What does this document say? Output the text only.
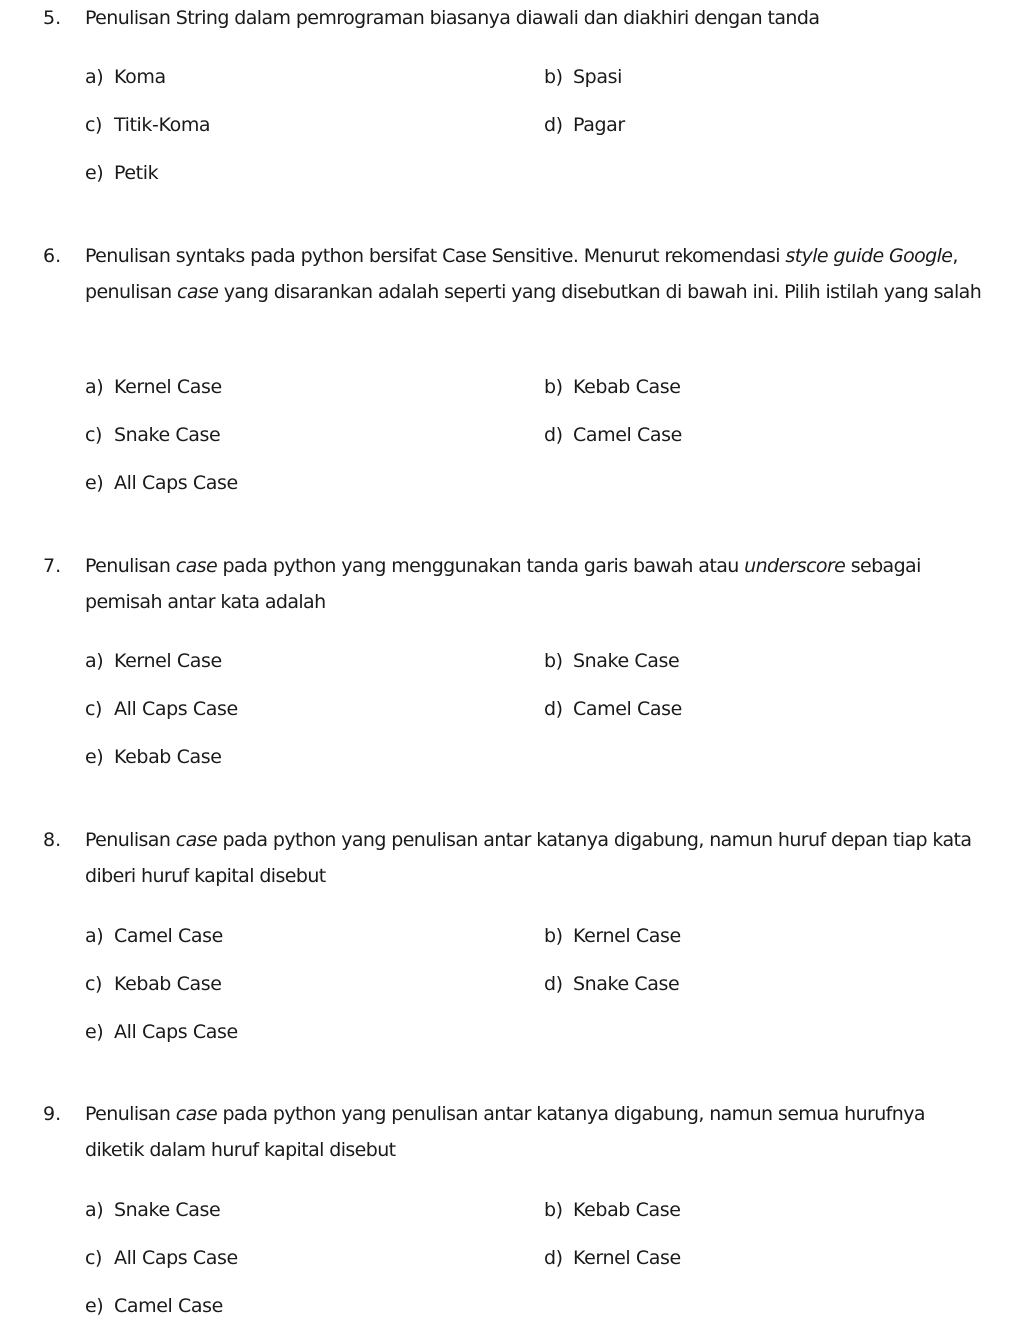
5. Penulisan String dalam pemrograman biasanya diawali dan diakhiri dengan tanda
a) Koma	b) Spasi
c) Titik-Koma	d) Pagar
e) Petik
6. Penulisan syntaks pada python bersifat Case Sensitive. Menurut rekomendasi style guide Google, penulisan case yang disarankan adalah seperti yang disebutkan di bawah ini. Pilih istilah yang salah
a) Kernel Case	b) Kebab Case
c) Snake Case	d) Camel Case
e) All Caps Case
7. Penulisan case pada python yang menggunakan tanda garis bawah atau underscore sebagai pemisah antar kata adalah
a) Kernel Case	b) Snake Case
c) All Caps Case	d) Camel Case
e) Kebab Case
8. Penulisan case pada python yang penulisan antar katanya digabung, namun huruf depan tiap kata diberi huruf kapital disebut
a) Camel Case	b) Kernel Case
c) Kebab Case	d) Snake Case
e) All Caps Case
9. Penulisan case pada python yang penulisan antar katanya digabung, namun semua hurufnya diketik dalam huruf kapital disebut
a) Snake Case	b) Kebab Case
c) All Caps Case	d) Kernel Case
e) Camel Case
